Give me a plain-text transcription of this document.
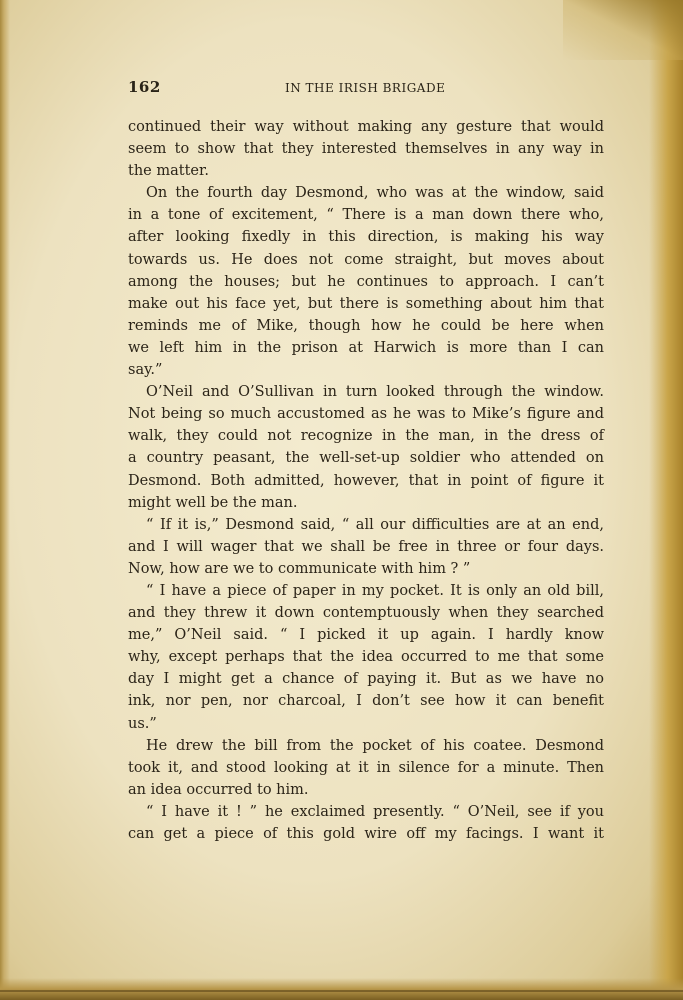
162	IN THE IRISH BRIGADE

continued their way without making any gesture that would
seem to show that they interested themselves in any way in
the matter.

On the fourth day Desmond, who was at the window, said
in a tone of excitement, “ There is a man down there who,
after looking fixedly in this direction, is making his way
towards us. He does not come straight, but moves about
among the houses; but he continues to approach. I can’t
make out his face yet, but there is something about him that
reminds me of Mike, though how he could be here when
we left him in the prison at Harwich is more than I can
say.”

O’Neil and O’Sullivan in turn looked through the window.
Not being so much accustomed as he was to Mike’s figure and
walk, they could not recognize in the man, in the dress of
a country peasant, the well-set-up soldier who attended on
Desmond. Both admitted, however, that in point of figure it
might well be the man.

“ If it is,” Desmond said, “ all our difficulties are at an end,
and I will wager that we shall be free in three or four days.
Now, how are we to communicate with him ? ”

“ I have a piece of paper in my pocket. It is only an old bill,
and they threw it down contemptuously when they searched
me,” O’Neil said. “ I picked it up again. I hardly know
why, except perhaps that the idea occurred to me that some
day I might get a chance of paying it. But as we have no
ink, nor pen, nor charcoal, I don’t see how it can benefit
us.”

He drew the bill from the pocket of his coatee. Desmond
took it, and stood looking at it in silence for a minute. Then
an idea occurred to him.

“ I have it ! ” he exclaimed presently. “ O’Neil, see if you
can get a piece of this gold wire off my facings. I want it
